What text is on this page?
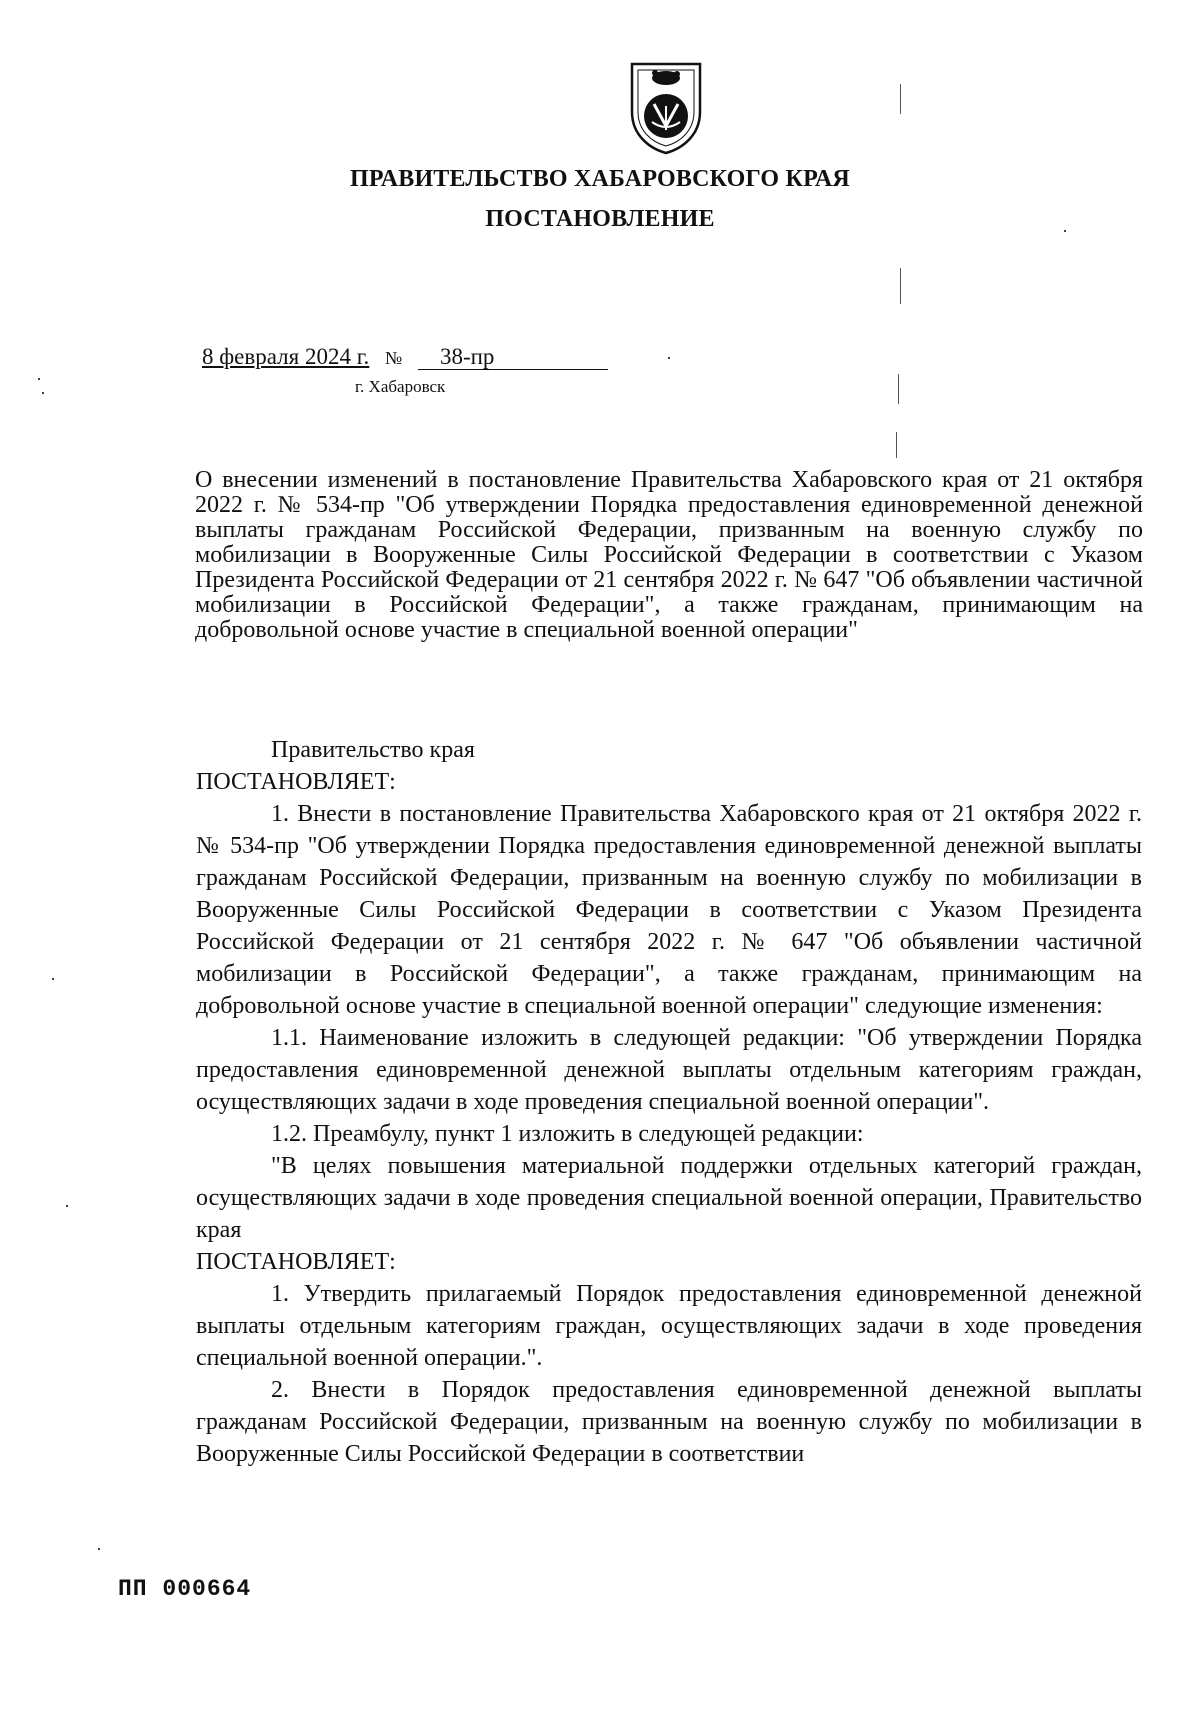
ПРАВИТЕЛЬСТВО ХАБАРОВСКОГО КРАЯ
ПОСТАНОВЛЕНИЕ
8 февраля 2024 г. № 38-пр
г. Хабаровск
О внесении изменений в постановление Правительства Хабаровского края от 21 октября 2022 г. № 534-пр "Об утверждении Порядка предоставления единовременной денежной выплаты гражданам Российской Федерации, призванным на военную службу по мобилизации в Вооруженные Силы Российской Федерации в соответствии с Указом Президента Российской Федерации от 21 сентября 2022 г. № 647 "Об объявлении частичной мобилизации в Российской Федерации", а также гражданам, принимающим на добровольной основе участие в специальной военной операции"

Правительство края

ПОСТАНОВЛЯЕТ:

1. Внести в постановление Правительства Хабаровского края от 21 октября 2022 г. № 534-пр "Об утверждении Порядка предоставления единовременной денежной выплаты гражданам Российской Федерации, призванным на военную службу по мобилизации в Вооруженные Силы Российской Федерации в соответствии с Указом Президента Российской Федерации от 21 сентября 2022 г. № 647 "Об объявлении частичной мобилизации в Российской Федерации", а также гражданам, принимающим на добровольной основе участие в специальной военной операции" следующие изменения:

1.1. Наименование изложить в следующей редакции: "Об утверждении Порядка предоставления единовременной денежной выплаты отдельным категориям граждан, осуществляющих задачи в ходе проведения специальной военной операции".

1.2. Преамбулу, пункт 1 изложить в следующей редакции:

"В целях повышения материальной поддержки отдельных категорий граждан, осуществляющих задачи в ходе проведения специальной военной операции, Правительство края

ПОСТАНОВЛЯЕТ:

1. Утвердить прилагаемый Порядок предоставления единовременной денежной выплаты отдельным категориям граждан, осуществляющих задачи в ходе проведения специальной военной операции.".

2. Внести в Порядок предоставления единовременной денежной выплаты гражданам Российской Федерации, призванным на военную службу по мобилизации в Вооруженные Силы Российской Федерации в соответствии

ПП 000664
